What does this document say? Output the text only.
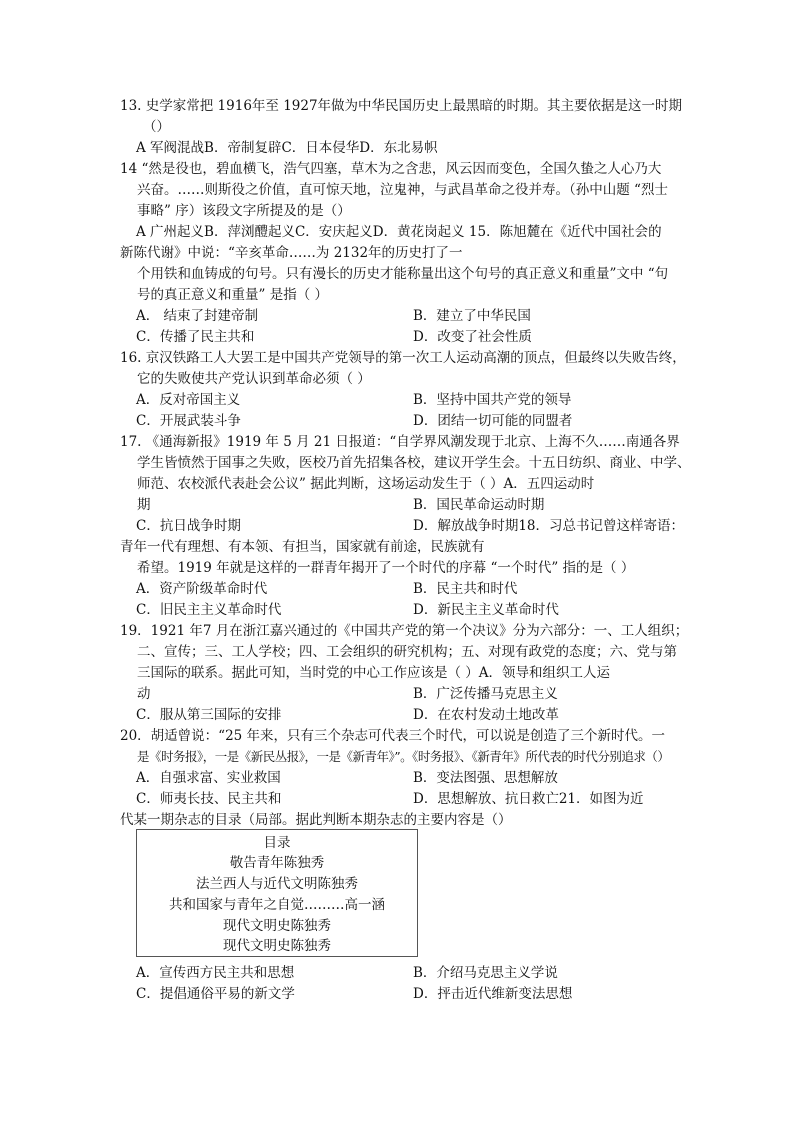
13. 史学家常把 1916年至 1927年做为中华民国历史上最黑暗的时期。其主要依据是这一时期
（）
A 军阀混战B．帝制复辟C．日本侵华D．东北易帜
14 “然是役也，碧血横飞，浩气四塞，草木为之含悲，风云因而变色，全国久蛰之人心乃大
兴奋。……则斯役之价值，直可惊天地，泣鬼神，与武昌革命之役并寿。（孙中山题 “烈士
事略” 序）该段文字所提及的是（）
A 广州起义B．萍浏醴起义C．安庆起义D．黄花岗起义 15．陈旭麓在《近代中国社会的
新陈代谢》中说：“辛亥革命……为 2132年的历史打了一
个用铁和血铸成的句号。只有漫长的历史才能称量出这个句号的真正意义和重量”文中 “句
号的真正意义和重量” 是指（ ）
A． 结束了封建帝制	B．建立了中华民国
C．传播了民主共和	D．改变了社会性质
16. 京汉铁路工人大罢工是中国共产党领导的第一次工人运动高潮的顶点，但最终以失败告终，
它的失败使共产党认识到革命必须（ ）
A．反对帝国主义	B．坚持中国共产党的领导
C．开展武装斗争	D．团结一切可能的同盟者
17. 《通海新报》1919 年 5 月 21 日报道：“自学界风潮发现于北京、上海不久……南通各界
学生皆愤然于国事之失败，医校乃首先招集各校，建议开学生会。十五日纺织、商业、中学、
师范、农校派代表赴会公议” 据此判断，这场运动发生于（ ）A．五四运动时
期	B．国民革命运动时期
C．抗日战争时期	D．解放战争时期18．习总书记曾这样寄语：
青年一代有理想、有本领、有担当，国家就有前途，民族就有
希望。1919 年就是这样的一群青年揭开了一个时代的序幕 “一个时代” 指的是（ ）
A．资产阶级革命时代	B．民主共和时代
C．旧民主主义革命时代	D．新民主主义革命时代
19．1921 年7 月在浙江嘉兴通过的《中国共产党的第一个决议》分为六部分：一、工人组织；
二、宣传；三、工人学校；四、工会组织的研究机构；五、对现有政党的态度；六、党与第
三国际的联系。据此可知，当时党的中心工作应该是（ ）A．领导和组织工人运
动	B．广泛传播马克思主义
C．服从第三国际的安排	D．在农村发动土地改革
20．胡适曾说：“25 年来，只有三个杂志可代表三个时代，可以说是创造了三个新时代。一
是《时务报》，一是《新民丛报》，一是《新青年》”。《时务报》、《新青年》所代表的时代分别追求（）
A．自强求富、实业救国	B．变法图强、思想解放
C．师夷长技、民主共和	D．思想解放、抗日救亡21．如图为近
代某一期杂志的目录（局部。据此判断本期杂志的主要内容是（）
目录
敬告青年陈独秀
法兰西人与近代文明陈独秀
共和国家与青年之自觉………高一涵
现代文明史陈独秀
现代文明史陈独秀
A．宣传西方民主共和思想	B．介绍马克思主义学说
C．提倡通俗平易的新文学	D．抨击近代维新变法思想
